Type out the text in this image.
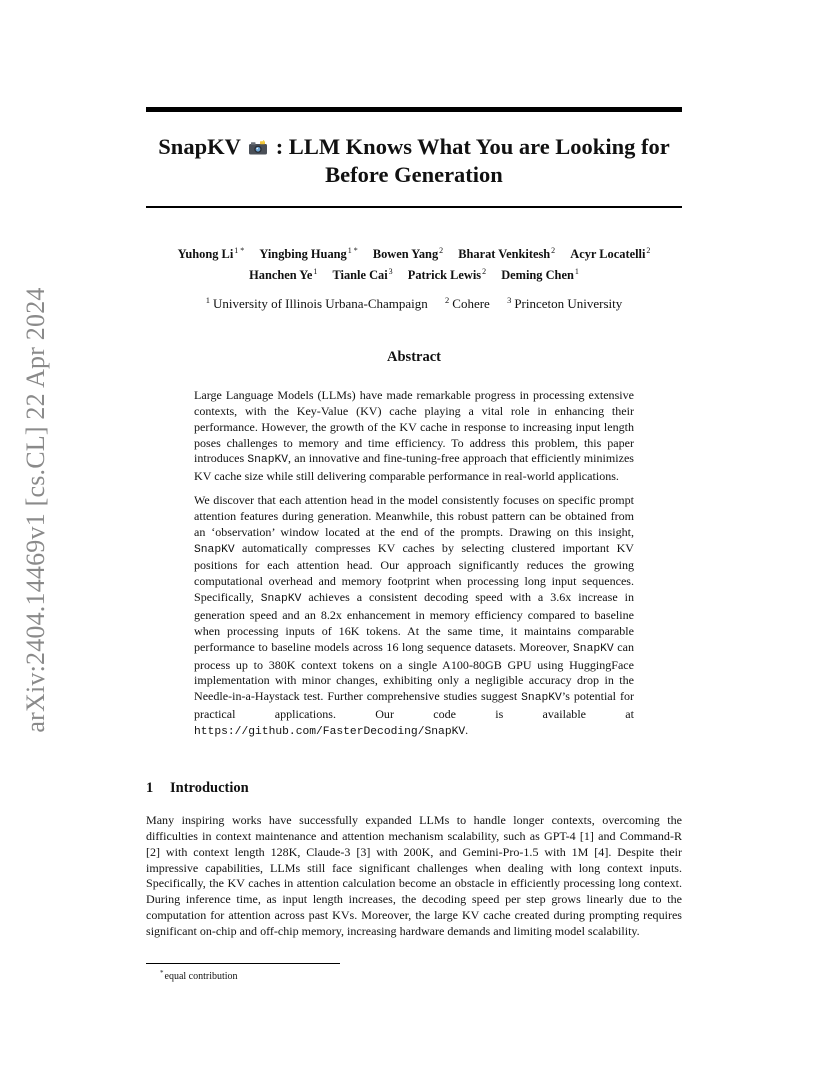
arXiv:2404.14469v1 [cs.CL] 22 Apr 2024
SnapKV : LLM Knows What You are Looking for Before Generation
Yuhong $Li^{1 *}$ Yingbing Huang$^{1 *}$ Bowen Yang$^2$ Bharat Venkitesh$^2$ Acyr Locatelli$^2$
Hanchen Ye$^1$ Tianle Cai$^3$ Patrick Lewis$^2$ Deming Chen$^1$
$^1$ University of Illinois Urbana-Champaign $^2$ Cohere $^3$ Princeton University
Abstract

Large Language Models (LLMs) have made remarkable progress in processing extensive contexts, with the Key-Value (KV) cache playing a vital role in enhancing their performance. However, the growth of the KV cache in response to increasing input length poses challenges to memory and time efficiency. To address this problem, this paper introduces SnapKV, an innovative and fine-tuning-free approach that efficiently minimizes KV cache size while still delivering comparable performance in real-world applications.

We discover that each attention head in the model consistently focuses on specific prompt attention features during generation. Meanwhile, this robust pattern can be obtained from an ‘observation’ window located at the end of the prompts. Drawing on this insight, SnapKV automatically compresses KV caches by selecting clustered important KV positions for each attention head. Our approach significantly reduces the growing computational overhead and memory footprint when processing long input sequences. Specifically, SnapKV achieves a consistent decoding speed with a 3.6x increase in generation speed and an 8.2x enhancement in memory efficiency compared to baseline when processing inputs of 16K tokens. At the same time, it maintains comparable performance to baseline models across 16 long sequence datasets. Moreover, SnapKV can process up to 380K context tokens on a single A100-80GB GPU using HuggingFace implementation with minor changes, exhibiting only a negligible accuracy drop in the Needle-in-a-Haystack test. Further comprehensive studies suggest SnapKV’s potential for practical applications. Our code is available at https://github.com/FasterDecoding/SnapKV.

1 Introduction

Many inspiring works have successfully expanded LLMs to handle longer contexts, overcoming the difficulties in context maintenance and attention mechanism scalability, such as GPT-4 [1] and Command-R [2] with context length 128K, Claude-3 [3] with 200K, and Gemini-Pro-1.5 with 1M [4]. Despite their impressive capabilities, LLMs still face significant challenges when dealing with long context inputs. Specifically, the KV caches in attention calculation become an obstacle in efficiently processing long context. During inference time, as input length increases, the decoding speed per step grows linearly due to the computation for attention across past KVs. Moreover, the large KV cache created during prompting requires significant on-chip and off-chip memory, increasing hardware demands and limiting model scalability.

*equal contribution
